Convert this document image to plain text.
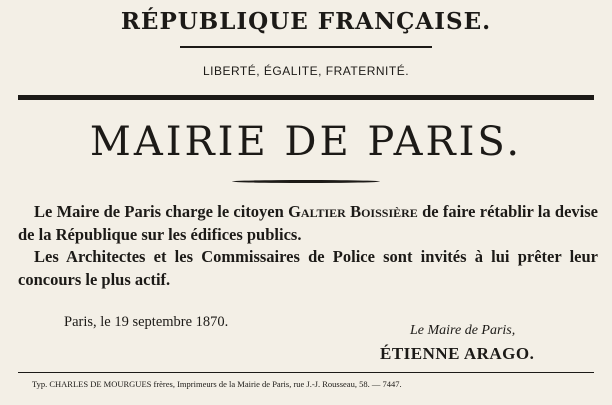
RÉPUBLIQUE FRANÇAISE.
LIBERTÉ, ÉGALITE, FRATERNITÉ.
MAIRIE DE PARIS.

Le Maire de Paris charge le citoyen Galtier Boissière de faire rétablir la devise de la République sur les édifices publics.

Les Architectes et les Commissaires de Police sont invités à lui prêter leur concours le plus actif.

Paris, le 19 septembre 1870.
Le Maire de Paris,
ÉTIENNE ARAGO.
Typ. CHARLES DE MOURGUES frères, Imprimeurs de la Mairie de Paris, rue J.-J. Rousseau, 58. — 7447.
